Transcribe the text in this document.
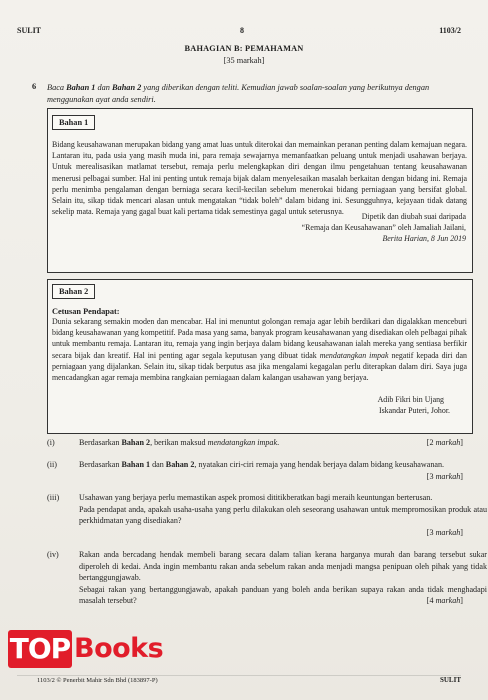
SULIT	8	1103/2
BAHAGIAN B: PEMAHAMAN
[35 markah]
6 Baca Bahan 1 dan Bahan 2 yang diberikan dengan teliti. Kemudian jawab soalan-soalan yang berikutnya dengan menggunakan ayat anda sendiri.
Bahan 1
Bidang keusahawanan merupakan bidang yang amat luas untuk diterokai dan memainkan peranan penting dalam kemajuan negara. Lantaran itu, pada usia yang masih muda ini, para remaja sewajarnya memanfaatkan peluang untuk menjadi usahawan berjaya. Untuk merealisasikan matlamat tersebut, remaja perlu melengkapkan diri dengan ilmu pengetahuan tentang keusahawanan menerusi pelbagai sumber. Hal ini penting untuk remaja bijak dalam menyelesaikan masalah berkaitan dengan bidang ini. Remaja perlu menimba pengalaman dengan berniaga secara kecil-kecilan sebelum menerokai bidang perniagaan yang bersifat global. Selain itu, sikap tidak mencari alasan untuk mengatakan “tidak boleh” dalam bidang ini. Sesungguhnya, kejayaan tidak datang sekelip mata. Remaja yang gagal buat kali pertama tidak semestinya gagal untuk seterusnya.
Dipetik dan diubah suai daripada
“Remaja dan Keusahawanan” oleh Jamaliah Jailani,
Berita Harian, 8 Jun 2019
Bahan 2
Cetusan Pendapat:
Dunia sekarang semakin moden dan mencabar. Hal ini menuntut golongan remaja agar lebih berdikari dan digalakkan menceburi bidang keusahawanan yang kompetitif. Pada masa yang sama, banyak program keusahawanan yang disediakan oleh pelbagai pihak untuk membantu remaja. Lantaran itu, remaja yang ingin berjaya dalam bidang keusahawanan ialah mereka yang sentiasa berfikir secara bijak dan kreatif. Hal ini penting agar segala keputusan yang dibuat tidak mendatangkan impak negatif kepada diri dan perniagaan yang dijalankan. Selain itu, sikap tidak berputus asa jika mengalami kegagalan perlu diterapkan dalam diri. Saya juga mencadangkan agar remaja membina rangkaian perniagaan dalam kalangan usahawan yang berjaya.
Adib Fikri bin Ujang
Iskandar Puteri, Johor.
(i)	Berdasarkan Bahan 2, berikan maksud mendatangkan impak.	[2 markah]
(ii)	Berdasarkan Bahan 1 dan Bahan 2, nyatakan ciri-ciri remaja yang hendak berjaya dalam bidang keusahawanan.
[3 markah]
(iii) Usahawan yang berjaya perlu memastikan aspek promosi dititikberatkan bagi meraih keuntungan berterusan.
Pada pendapat anda, apakah usaha-usaha yang perlu dilakukan oleh seseorang usahawan untuk mempromosikan produk atau perkhidmatan yang disediakan?
[3 markah]
(iv)	Rakan anda bercadang hendak membeli barang secara dalam talian kerana harganya murah dan barang tersebut sukar diperoleh di kedai. Anda ingin membantu rakan anda sebelum rakan anda menjadi mangsa penipuan oleh pihak yang tidak bertanggungjawab.
Sebagai rakan yang bertanggungjawab, apakah panduan yang boleh anda berikan supaya rakan anda tidak menghadapi masalah tersebut?	[4 markah]
TOP Books
1103/2 © Penerbit Mahir Sdn Bhd (183897-P)	SULIT
